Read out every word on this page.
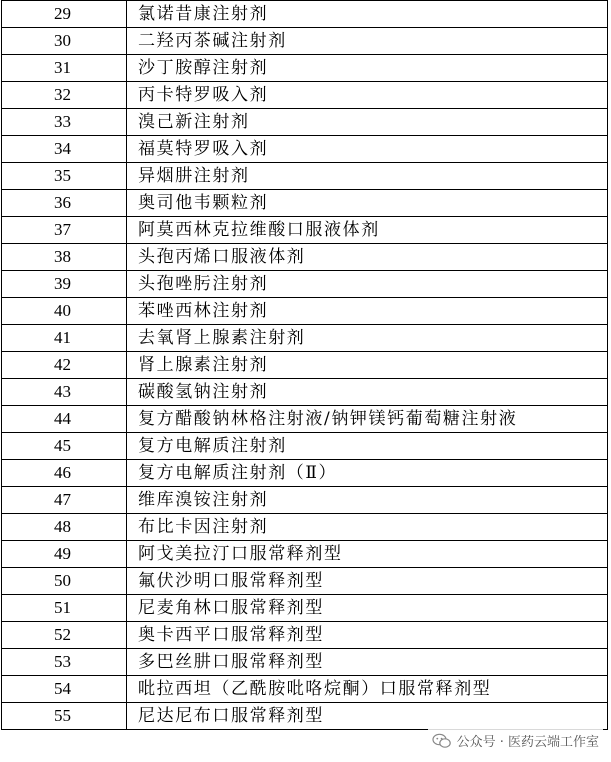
29	氯诺昔康注射剂
30	二羟丙茶碱注射剂
31	沙丁胺醇注射剂
32	丙卡特罗吸入剂
33	溴己新注射剂
34	福莫特罗吸入剂
35	异烟肼注射剂
36	奥司他韦颗粒剂
37	阿莫西林克拉维酸口服液体剂
38	头孢丙烯口服液体剂
39	头孢唑肟注射剂
40	苯唑西林注射剂
41	去氧肾上腺素注射剂
42	肾上腺素注射剂
43	碳酸氢钠注射剂
44	复方醋酸钠林格注射液/钠钾镁钙葡萄糖注射液
45	复方电解质注射剂
46	复方电解质注射剂（Ⅱ）
47	维库溴铵注射剂
48	布比卡因注射剂
49	阿戈美拉汀口服常释剂型
50	氟伏沙明口服常释剂型
51	尼麦角林口服常释剂型
52	奥卡西平口服常释剂型
53	多巴丝肼口服常释剂型
54	吡拉西坦（乙酰胺吡咯烷酮）口服常释剂型
55	尼达尼布口服常释剂型
公众号 · 医药云端工作室
